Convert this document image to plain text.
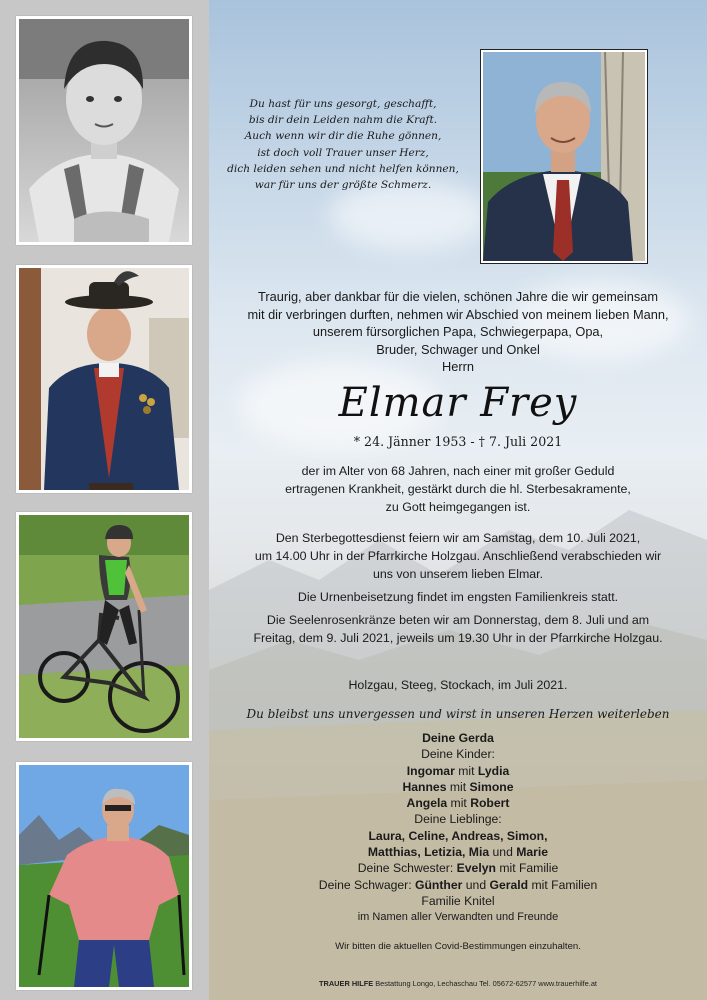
Du hast für uns gesorgt, geschafft,
bis dir dein Leiden nahm die Kraft.
Auch wenn wir dir die Ruhe gönnen,
ist doch voll Trauer unser Herz,
dich leiden sehen und nicht helfen können,
war für uns der größte Schmerz.
Traurig, aber dankbar für die vielen, schönen Jahre die wir gemeinsam
mit dir verbringen durften, nehmen wir Abschied von meinem lieben Mann,
unserem fürsorglichen Papa, Schwiegerpapa, Opa,
Bruder, Schwager und Onkel
Herrn
Elmar Frey
* 24. Jänner 1953 - † 7. Juli 2021
der im Alter von 68 Jahren, nach einer mit großer Geduld
ertragenen Krankheit, gestärkt durch die hl. Sterbesakramente,
zu Gott heimgegangen ist.
Den Sterbegottesdienst feiern wir am Samstag, dem 10. Juli 2021,
um 14.00 Uhr in der Pfarrkirche Holzgau. Anschließend verabschieden wir
uns von unserem lieben Elmar.
Die Urnenbeisetzung findet im engsten Familienkreis statt.
Die Seelenrosenkränze beten wir am Donnerstag, dem 8. Juli und am
Freitag, dem 9. Juli 2021, jeweils um 19.30 Uhr in der Pfarrkirche Holzgau.
Holzgau, Steeg, Stockach, im Juli 2021.
Du bleibst uns unvergessen und wirst in unseren Herzen weiterleben
Deine Gerda
Deine Kinder:
Ingomar mit Lydia
Hannes mit Simone
Angela mit Robert
Deine Lieblinge:
Laura, Celine, Andreas, Simon,
Matthias, Letizia, Mia und Marie
Deine Schwester: Evelyn mit Familie
Deine Schwager: Günther und Gerald mit Familien
Familie Knitel
im Namen aller Verwandten und Freunde
Wir bitten die aktuellen Covid-Bestimmungen einzuhalten.
TRAUER HILFE Bestattung Longo, Lechaschau Tel. 05672-62577 www.trauerhilfe.at
